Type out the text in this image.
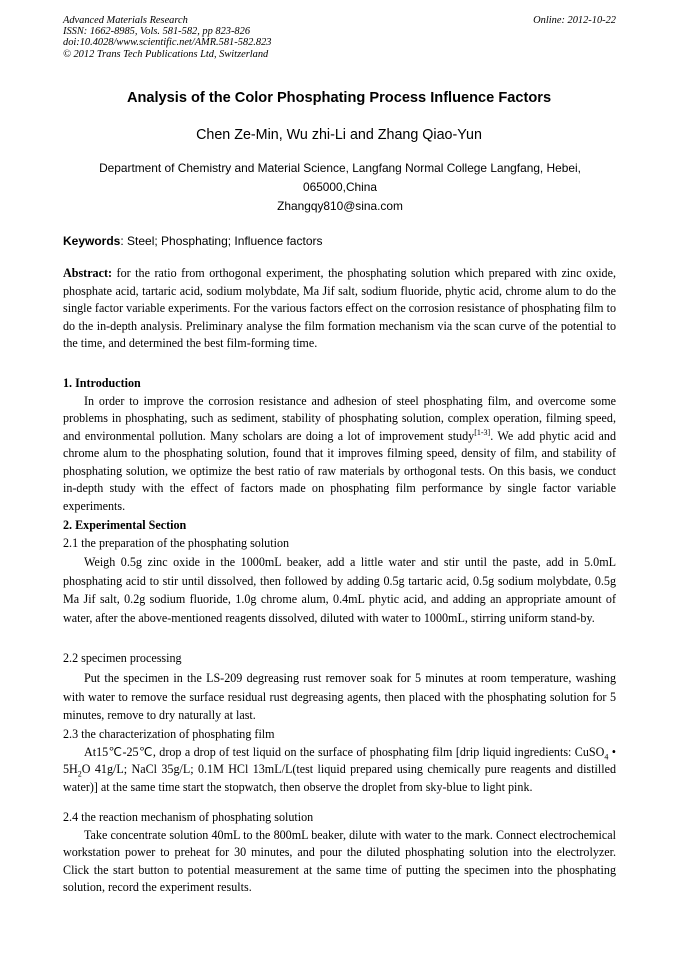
Advanced Materials Research
ISSN: 1662-8985, Vols. 581-582, pp 823-826
doi:10.4028/www.scientific.net/AMR.581-582.823
© 2012 Trans Tech Publications Ltd, Switzerland
Online: 2012-10-22
Analysis of the Color Phosphating Process Influence Factors
Chen Ze-Min, Wu zhi-Li and Zhang Qiao-Yun
Department of Chemistry and Material Science, Langfang Normal College Langfang, Hebei,
065000,China
Zhangqy810@sina.com
Keywords: Steel; Phosphating; Influence factors

Abstract: for the ratio from orthogonal experiment, the phosphating solution which prepared with zinc oxide, phosphate acid, tartaric acid, sodium molybdate, Ma Jif salt, sodium fluoride, phytic acid, chrome alum to do the single factor variable experiments. For the various factors effect on the corrosion resistance of phosphating film to do the in-depth analysis. Preliminary analyse the film formation mechanism via the scan curve of the potential to the time, and determined the best film-forming time.

1. Introduction

In order to improve the corrosion resistance and adhesion of steel phosphating film, and overcome some problems in phosphating, such as sediment, stability of phosphating solution, complex operation, filming speed, and environmental pollution. Many scholars are doing a lot of improvement study[1-3]. We add phytic acid and chrome alum to the phosphating solution, found that it improves filming speed, density of film, and stability of phosphating solution, we optimize the best ratio of raw materials by orthogonal tests. On this basis, we conduct in-depth study with the effect of factors made on phosphating film performance by single factor variable experiments.

2. Experimental Section

2.1 the preparation of the phosphating solution

Weigh 0.5g zinc oxide in the 1000mL beaker, add a little water and stir until the paste, add in 5.0mL phosphating acid to stir until dissolved, then followed by adding 0.5g tartaric acid, 0.5g sodium molybdate, 0.5g Ma Jif salt, 0.2g sodium fluoride, 1.0g chrome alum, 0.4mL phytic acid, and adding an appropriate amount of water, after the above-mentioned reagents dissolved, diluted with water to 1000mL, stirring uniform stand-by.

2.2 specimen processing

Put the specimen in the LS-209 degreasing rust remover soak for 5 minutes at room temperature, washing with water to remove the surface residual rust degreasing agents, then placed with the phosphating solution for 5 minutes, remove to dry naturally at last.

2.3 the characterization of phosphating film

At15℃-25℃, drop a drop of test liquid on the surface of phosphating film [drip liquid ingredients: CuSO$_4$ • $5H_2O$ 41g/L; NaCl 35g/L; 0.1M HCl 13mL/L(test liquid prepared using chemically pure reagents and distilled water)] at the same time start the stopwatch, then observe the droplet from sky-blue to light pink.

2.4 the reaction mechanism of phosphating solution

Take concentrate solution 40mL to the 800mL beaker, dilute with water to the mark. Connect electrochemical workstation power to preheat for 30 minutes, and pour the diluted phosphating solution into the electrolyzer. Click the start button to potential measurement at the same time of putting the specimen into the phosphating solution, record the experiment results.
